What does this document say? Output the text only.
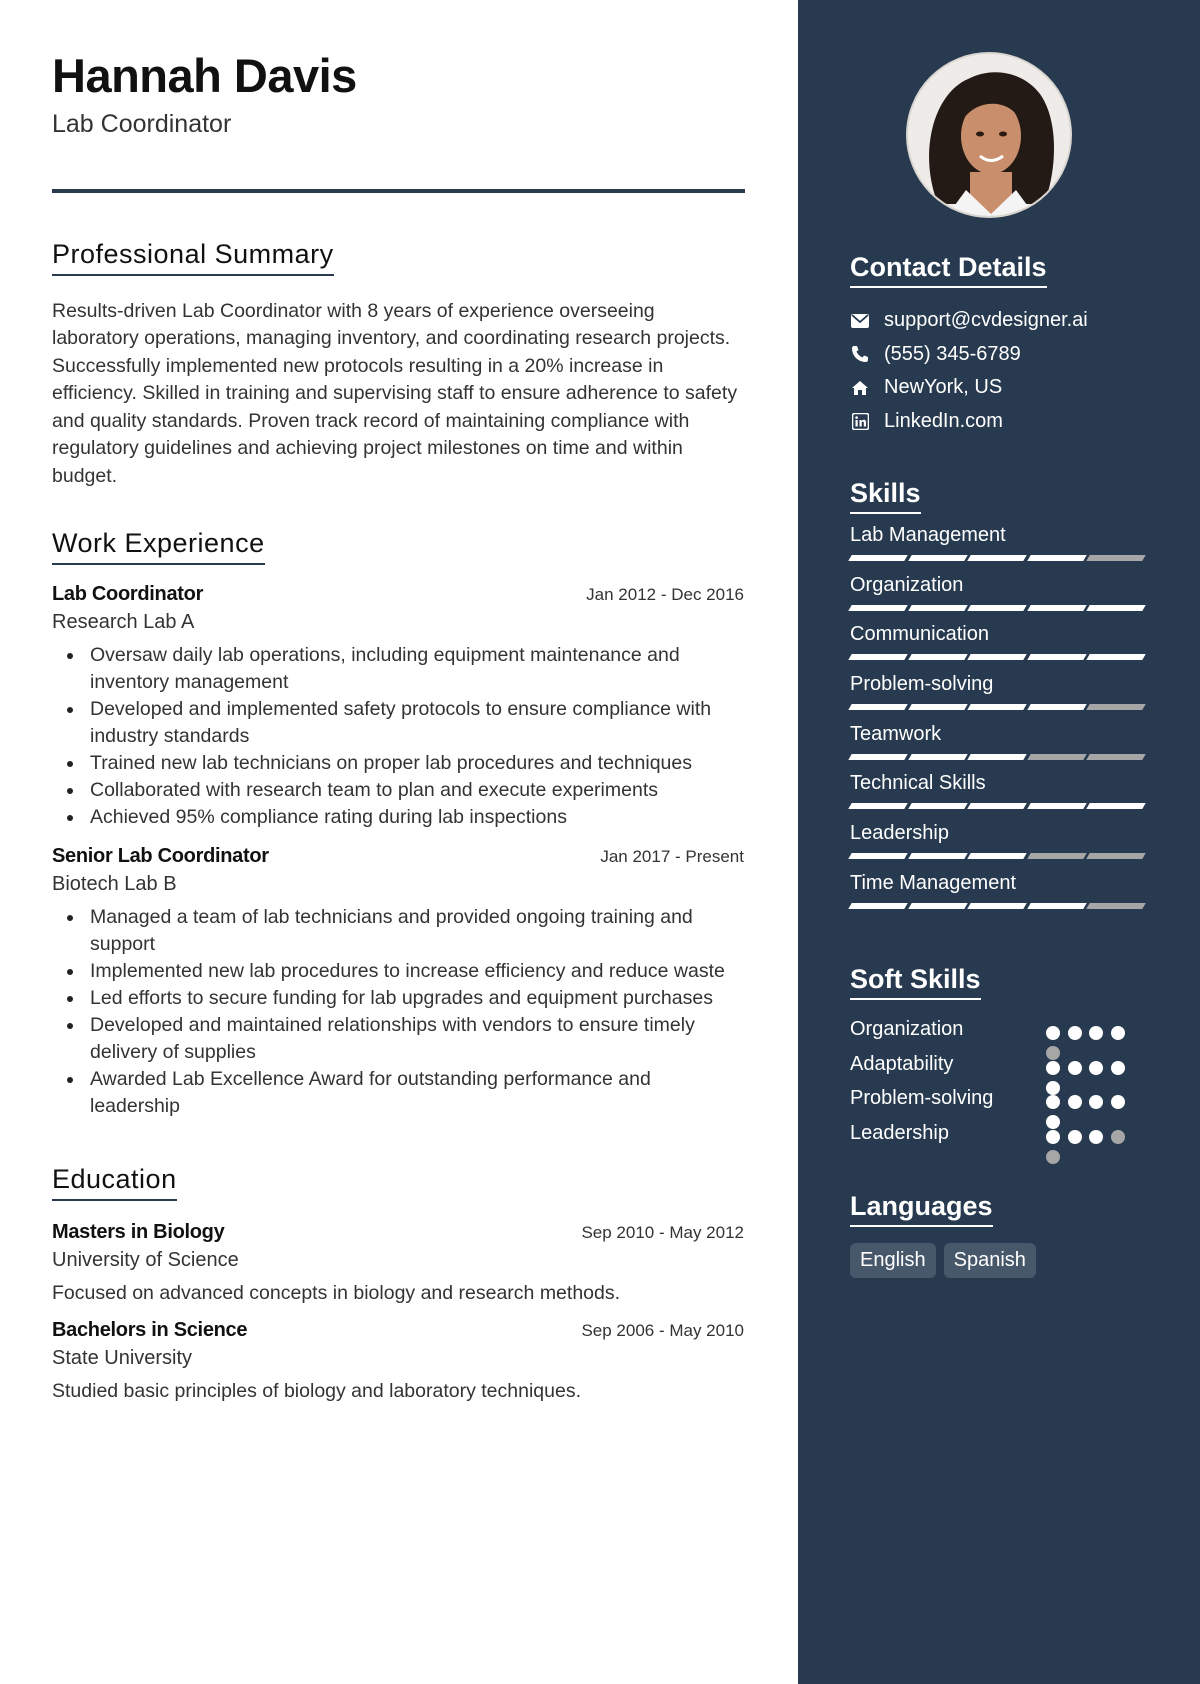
Hannah Davis
Lab Coordinator
Professional Summary

Results-driven Lab Coordinator with 8 years of experience overseeing laboratory operations, managing inventory, and coordinating research projects. Successfully implemented new protocols resulting in a 20% increase in efficiency. Skilled in training and supervising staff to ensure adherence to safety and quality standards. Proven track record of maintaining compliance with regulatory guidelines and achieving project milestones on time and within budget.

Work Experience
Lab Coordinator	Jan 2012 - Dec 2016
Research Lab A
Oversaw daily lab operations, including equipment maintenance and inventory management
Developed and implemented safety protocols to ensure compliance with industry standards
Trained new lab technicians on proper lab procedures and techniques
Collaborated with research team to plan and execute experiments
Achieved 95% compliance rating during lab inspections
Senior Lab Coordinator	Jan 2017 - Present
Biotech Lab B
Managed a team of lab technicians and provided ongoing training and support
Implemented new lab procedures to increase efficiency and reduce waste
Led efforts to secure funding for lab upgrades and equipment purchases
Developed and maintained relationships with vendors to ensure timely delivery of supplies
Awarded Lab Excellence Award for outstanding performance and leadership
Education
Masters in Biology	Sep 2010 - May 2012
University of Science
Focused on advanced concepts in biology and research methods.
Bachelors in Science	Sep 2006 - May 2010
State University
Studied basic principles of biology and laboratory techniques.
Contact Details
support@cvdesigner.ai
(555) 345-6789
NewYork, US
LinkedIn.com
Skills
Lab Management
Organization
Communication
Problem-solving
Teamwork
Technical Skills
Leadership
Time Management
Soft Skills
Organization
Adaptability
Problem-solving
Leadership
Languages
English	Spanish
